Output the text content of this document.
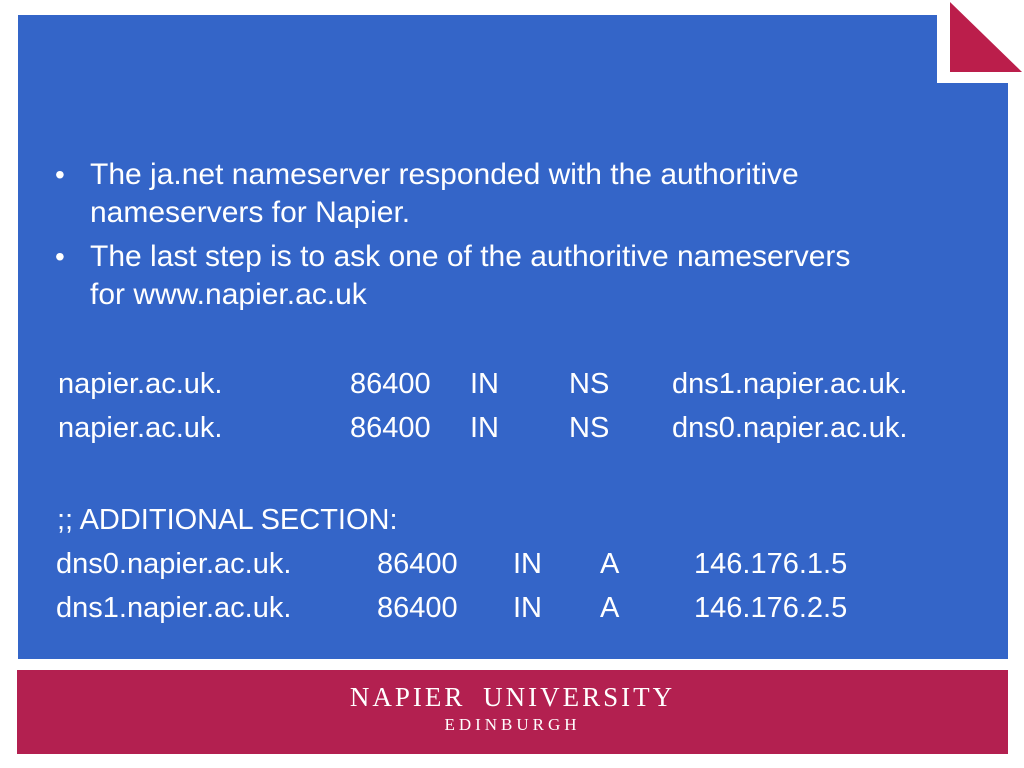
• The ja.net nameserver responded with the authoritive
nameservers for Napier.
• The last step is to ask one of the authoritive nameservers
for www.napier.ac.uk
napier.ac.uk.	86400	IN	NS	dns1.napier.ac.uk.
napier.ac.uk.	86400	IN	NS	dns0.napier.ac.uk.
;; ADDITIONAL SECTION:
dns0.napier.ac.uk.	86400	IN	A	146.176.1.5
dns1.napier.ac.uk.	86400	IN	A	146.176.2.5
NAPIER UNIVERSITY
EDINBURGH
